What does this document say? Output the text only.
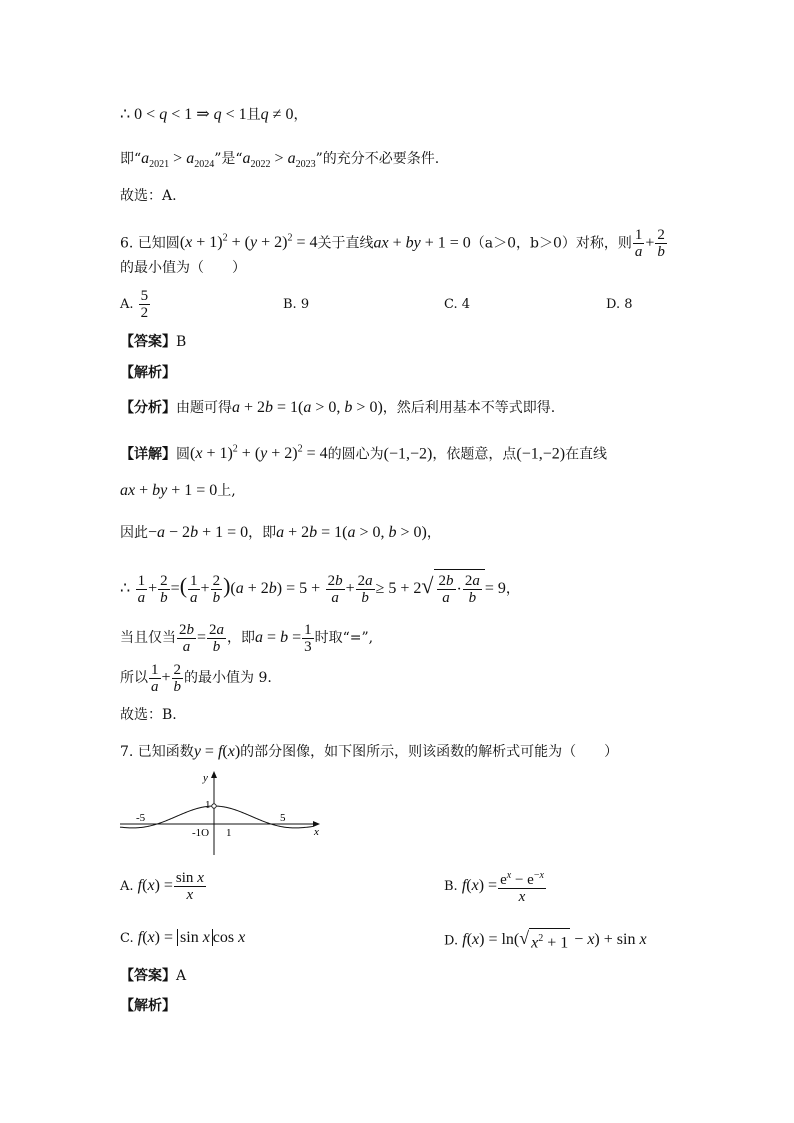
∴ 0 < q < 1 ⇒ q < 1且q ≠ 0，
即“$a_{2021} > a_{2024}$”是“$a_{2022} > a_{2023}$”的充分不必要条件.
故选：A.
6. 已知圆$(x + 1)^2 + (y + 2)^2 = 4$关于直线ax + by + 1 = 0（a＞0，b＞0）对称，则 $\frac{1}{a} + \frac{2}{b}$
的最小值为（　　）
A. $\frac{5}{2}$	B. 9	C. 4	D. 8
【答案】B
【解析】
【分析】由题可得a + 2b = 1(a > 0, b > 0)，然后利用基本不等式即得.
【详解】圆$(x + 1)^2 + (y + 2)^2 = 4$的圆心为(−1,−2)，依题意，点(−1,−2)在直线
ax + by + 1 = 0上,
因此−a − 2b + 1 = 0，即a + 2b = 1(a > 0, b > 0)，
∴ $\frac{1}{a} + \frac{2}{b}$ =( $\frac{1}{a} + \frac{2}{b} )(a + 2b) = 5 + \frac{2b}{a} + \frac{2a}{b} \ge 5 + 2√ \frac{2b}{a} \cdot \frac{2a}{b} = 9$，
当且仅当 $\frac{2b}{a} = \frac{2a}{b}$ ，即$a = b = \frac{1}{3}$ 时取“=”,
所以 $\frac{1}{a} + \frac{2}{b}$ 的最小值为 9.
故选：B.
7. 已知函数y = f(x)的部分图像，如下图所示，则该函数的解析式可能为（　　）
y
x
-5	5
1
-1O 1
A. $f(x) = \frac{\text{sin x}}{x}$	B. $f(x) = \frac{e^x - e^{-x}}{x}$
C. f(x) = sin x cos x	D. f(x) = ln(√ $x^2 + 1 - x) + \sin x$
【答案】A
【解析】
